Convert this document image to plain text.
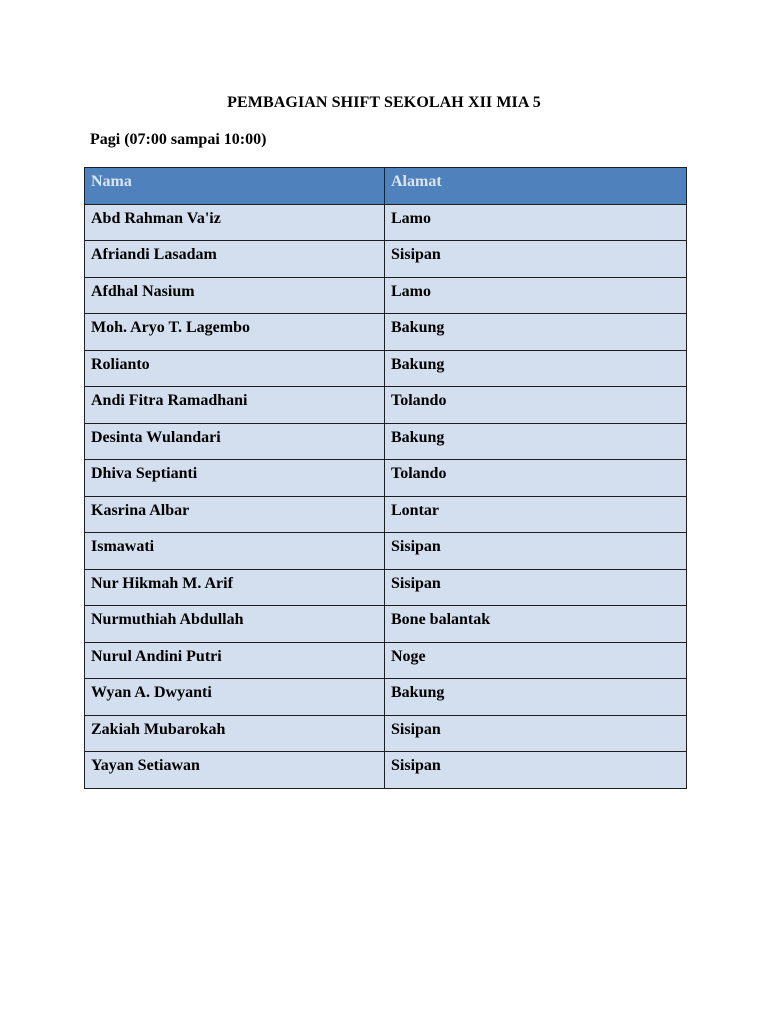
PEMBAGIAN SHIFT SEKOLAH XII MIA 5
Pagi (07:00 sampai 10:00)
Nama	Alamat
Abd Rahman Va'iz	Lamo
Afriandi Lasadam	Sisipan
Afdhal Nasium	Lamo
Moh. Aryo T. Lagembo	Bakung
Rolianto	Bakung
Andi Fitra Ramadhani	Tolando
Desinta Wulandari	Bakung
Dhiva Septianti	Tolando
Kasrina Albar	Lontar
Ismawati	Sisipan
Nur Hikmah M. Arif	Sisipan
Nurmuthiah Abdullah	Bone balantak
Nurul Andini Putri	Noge
Wyan A. Dwyanti	Bakung
Zakiah Mubarokah	Sisipan
Yayan Setiawan	Sisipan
